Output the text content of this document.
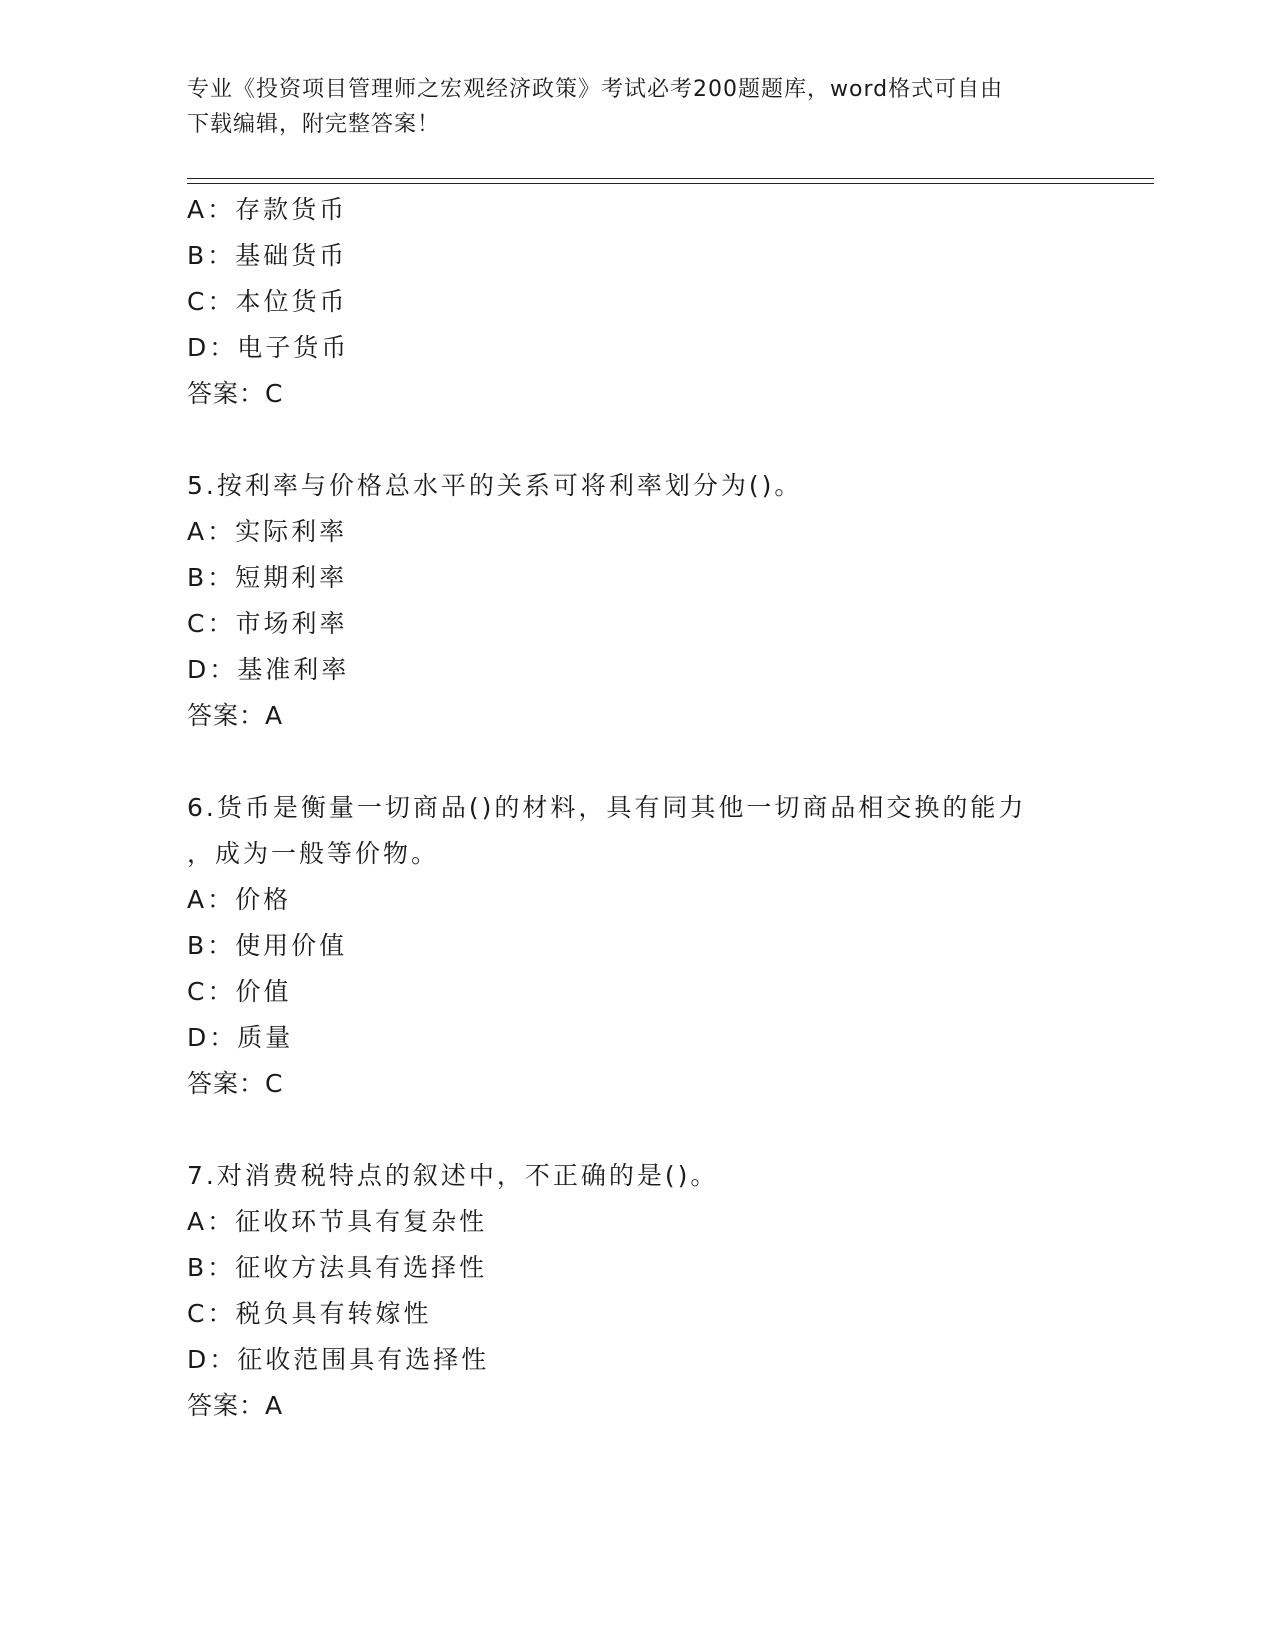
专业《投资项目管理师之宏观经济政策》考试必考200题题库，word格式可自由
下载编辑，附完整答案！
A：存款货币
B：基础货币
C：本位货币
D：电子货币
答案：C
5.按利率与价格总水平的关系可将利率划分为()。
A：实际利率
B：短期利率
C：市场利率
D：基准利率
答案：A
6.货币是衡量一切商品()的材料，具有同其他一切商品相交换的能力
，成为一般等价物。
A：价格
B：使用价值
C：价值
D：质量
答案：C
7.对消费税特点的叙述中，不正确的是()。
A：征收环节具有复杂性
B：征收方法具有选择性
C：税负具有转嫁性
D：征收范围具有选择性
答案：A
